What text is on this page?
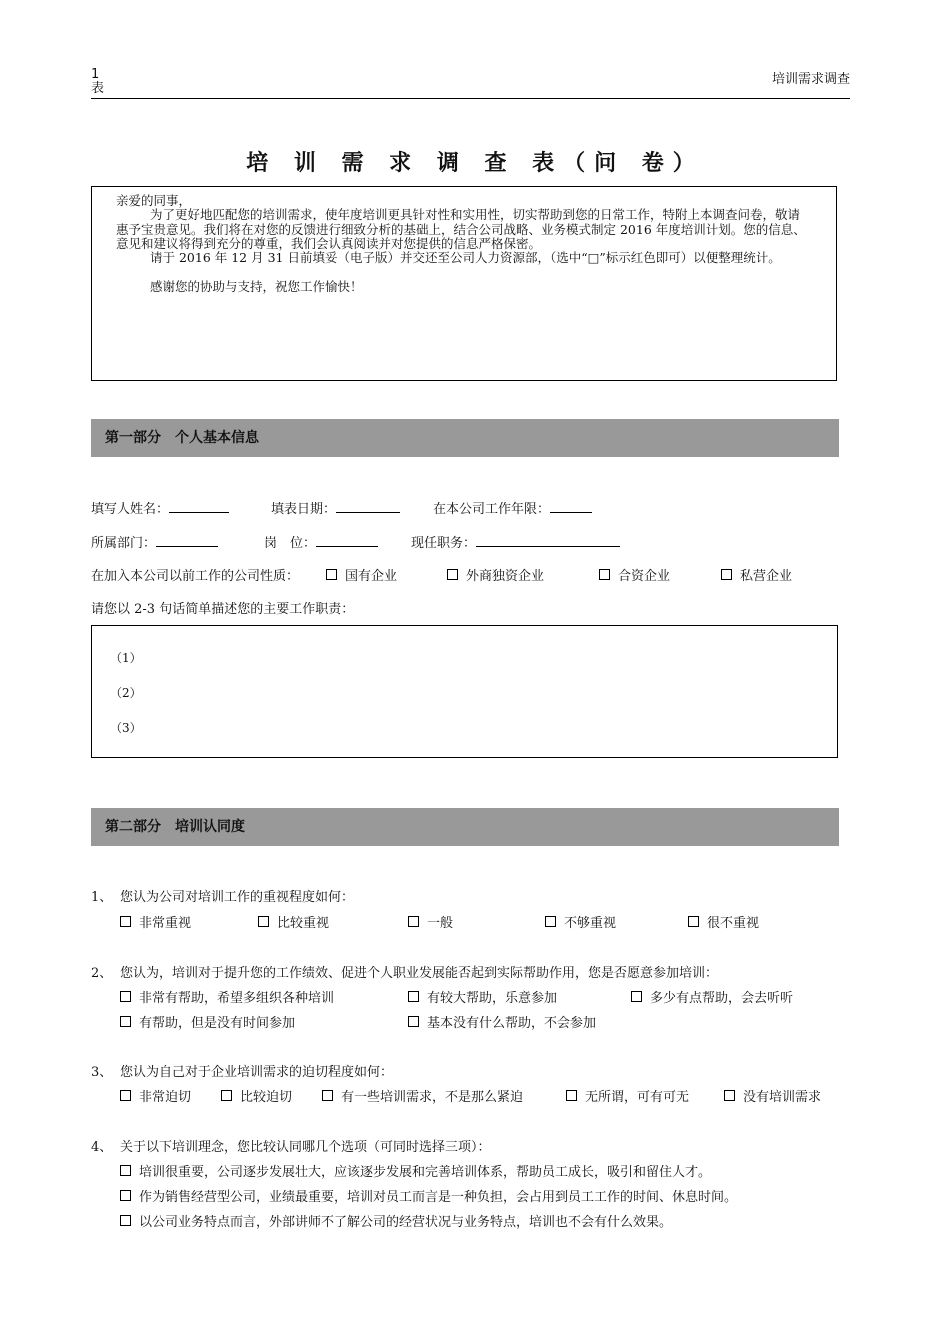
1
表
培训需求调查
培 训 需 求 调 查 表（问 卷）

亲爱的同事，

为了更好地匹配您的培训需求，使年度培训更具针对性和实用性，切实帮助到您的日常工作，特附上本调查问卷，敬请惠予宝贵意见。我们将在对您的反馈进行细致分析的基础上，结合公司战略、业务模式制定 2016 年度培训计划。您的信息、意见和建议将得到充分的尊重，我们会认真阅读并对您提供的信息严格保密。

请于 2016 年 12 月 31 日前填妥（电子版）并交还至公司人力资源部，（选中“□”标示红色即可）以便整理统计。

感谢您的协助与支持，祝您工作愉快！

第一部分　个人基本信息
填写人姓名：	填表日期：	在本公司工作年限：
所属部门：	岗　位：	现任职务：
在加入本公司以前工作的公司性质：	国有企业	外商独资企业	合资企业	私营企业
请您以 2-3 句话简单描述您的主要工作职责：
（1）
（2）
（3）
第二部分　培训认同度
1、 您认为公司对培训工作的重视程度如何：
非常重视	比较重视	一般	不够重视	很不重视
2、 您认为，培训对于提升您的工作绩效、促进个人职业发展能否起到实际帮助作用，您是否愿意参加培训：
非常有帮助，希望多组织各种培训	有较大帮助，乐意参加	多少有点帮助，会去听听
有帮助，但是没有时间参加	基本没有什么帮助，不会参加
3、 您认为自己对于企业培训需求的迫切程度如何：
非常迫切	比较迫切	有一些培训需求，不是那么紧迫	无所谓，可有可无	没有培训需求
4、 关于以下培训理念，您比较认同哪几个选项（可同时选择三项）：
培训很重要，公司逐步发展壮大，应该逐步发展和完善培训体系，帮助员工成长，吸引和留住人才。
作为销售经营型公司，业绩最重要，培训对员工而言是一种负担，会占用到员工工作的时间、休息时间。
以公司业务特点而言，外部讲师不了解公司的经营状况与业务特点，培训也不会有什么效果。
